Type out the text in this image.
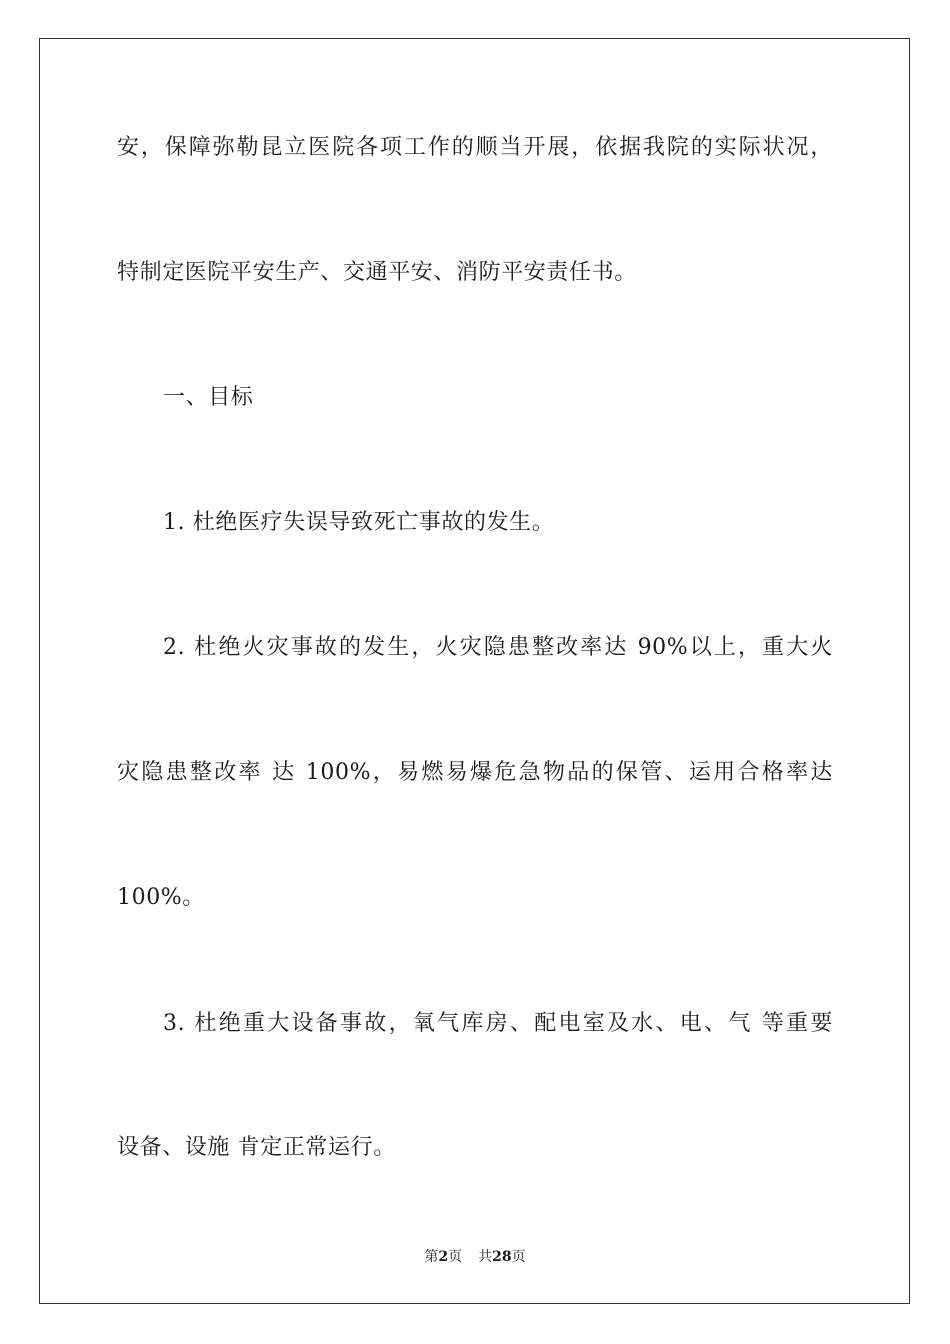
安，保障弥勒昆立医院各项工作的顺当开展，依据我院的实际状况，
特制定医院平安生产、交通平安、消防平安责任书。
一、目标
1. 杜绝医疗失误导致死亡事故的发生。
2. 杜绝火灾事故的发生，火灾隐患整改率达 90%以上，重大火
灾隐患整改率 达 100%，易燃易爆危急物品的保管、运用合格率达
100%。
3. 杜绝重大设备事故，氧气库房、配电室及水、电、气 等重要
设备、设施 肯定正常运行。
第2页 共28页
